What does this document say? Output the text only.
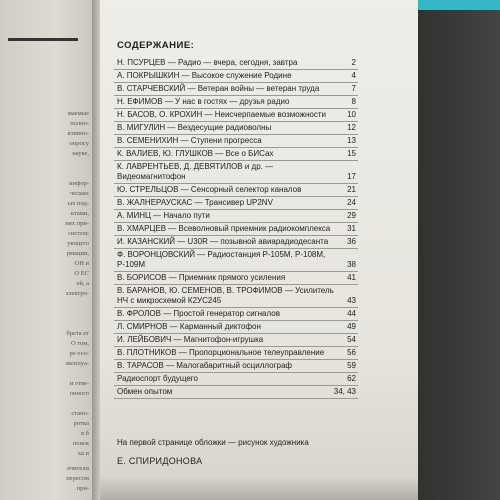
маемые
полно-
ктивно-
опросу
науке,
инфор-
ческих
ых под-
ктами,
иях при-
систем;
ующего
рмации,
ОН и
О ЕС
ей, а
электро-
брета ет
О том,
ре осо-
эксплуа-
и отве-
онного
стано-
ротка
в б
поиск
ха и
ечители
пересом
при-
СОДЕРЖАНИЕ:
Н. ПСУРЦЕВ — Радио — вчера, сегодня, завтра	2
А. ПОКРЫШКИН — Высокое служение Родине	4
В. СТАРЧЕВСКИЙ — Ветеран войны — ветеран труда	7
Н. ЕФИМОВ — У нас в гостях — друзья радио	8
Н. БАСОВ, О. КРОХИН — Неисчерпаемые возможности	10
В. МИГУЛИН — Вездесущие радиоволны	12
В. СЕМЕНИХИН — Ступени прогресса	13
К. ВАЛИЕВ, Ю. ГЛУШКОВ — Все о БИСах	15
К. ЛАВРЕНТЬЕВ, Д. ДЕВЯТИЛОВ и др. — Видеомагнитофон	17
Ю. СТРЕЛЬЦОВ — Сенсорный селектор каналов	21
В. ЖАЛНЕРАУСКАС — Трансивер UP2NV	24
А. МИНЦ — Начало пути	29
В. ХМАРЦЕВ — Всеволновый приемник радиокомплекса	31
И. КАЗАНСКИЙ — U30R — позывной авиарадиодесанта	36
Ф. ВОРОНЦОВСКИЙ — Радиостанция Р-105М, Р-108М, Р-109М	38
В. БОРИСОВ — Приемник прямого усиления	41
В. БАРАНОВ, Ю. СЕМЕНОВ, В. ТРОФИМОВ — Усилитель НЧ с микросхемой К2УС245	43
В. ФРОЛОВ — Простой генератор сигналов	44
Л. СМИРНОВ — Карманный диктофон	49
И. ЛЕЙБОВИЧ — Магнитофон-игрушка	54
В. ПЛОТНИКОВ — Пропорциональное телеуправление	56
В. ТАРАСОВ — Малогабаритный осциллограф	59
Радиоспорт будущего	62
Обмен опытом	34, 43
На первой странице обложки — рисунок художника
Е. СПИРИДОНОВА
